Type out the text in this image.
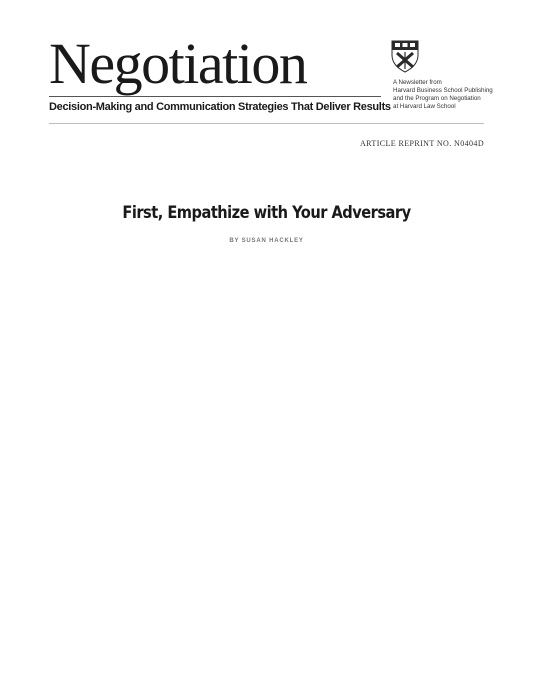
Negotiation
Decision-Making and Communication Strategies That Deliver Results
A Newsletter from
Harvard Business School Publishing
and the Program on Negotiation
at Harvard Law School
ARTICLE REPRINT NO. N0404D
First, Empathize with Your Adversary
BY SUSAN HACKLEY
